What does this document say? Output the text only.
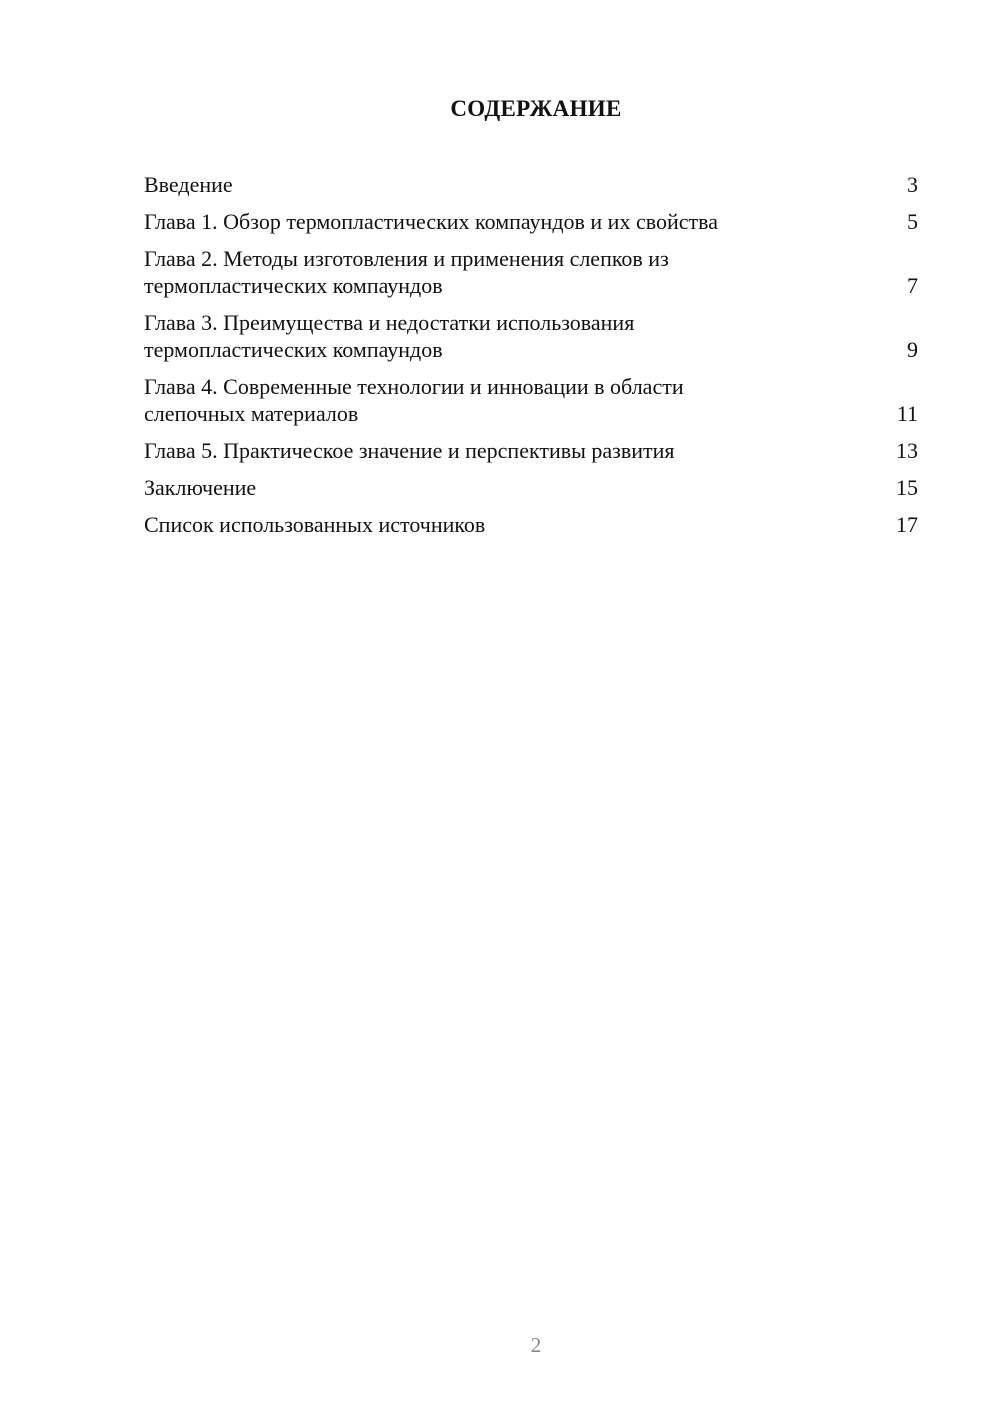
СОДЕРЖАНИЕ
Введение	3
Глава 1. Обзор термопластических компаундов и их свойства	5
Глава 2. Методы изготовления и применения слепков из
термопластических компаундов	7
Глава 3. Преимущества и недостатки использования
термопластических компаундов	9
Глава 4. Современные технологии и инновации в области
слепочных материалов	11
Глава 5. Практическое значение и перспективы развития	13
Заключение	15
Список использованных источников	17
2
